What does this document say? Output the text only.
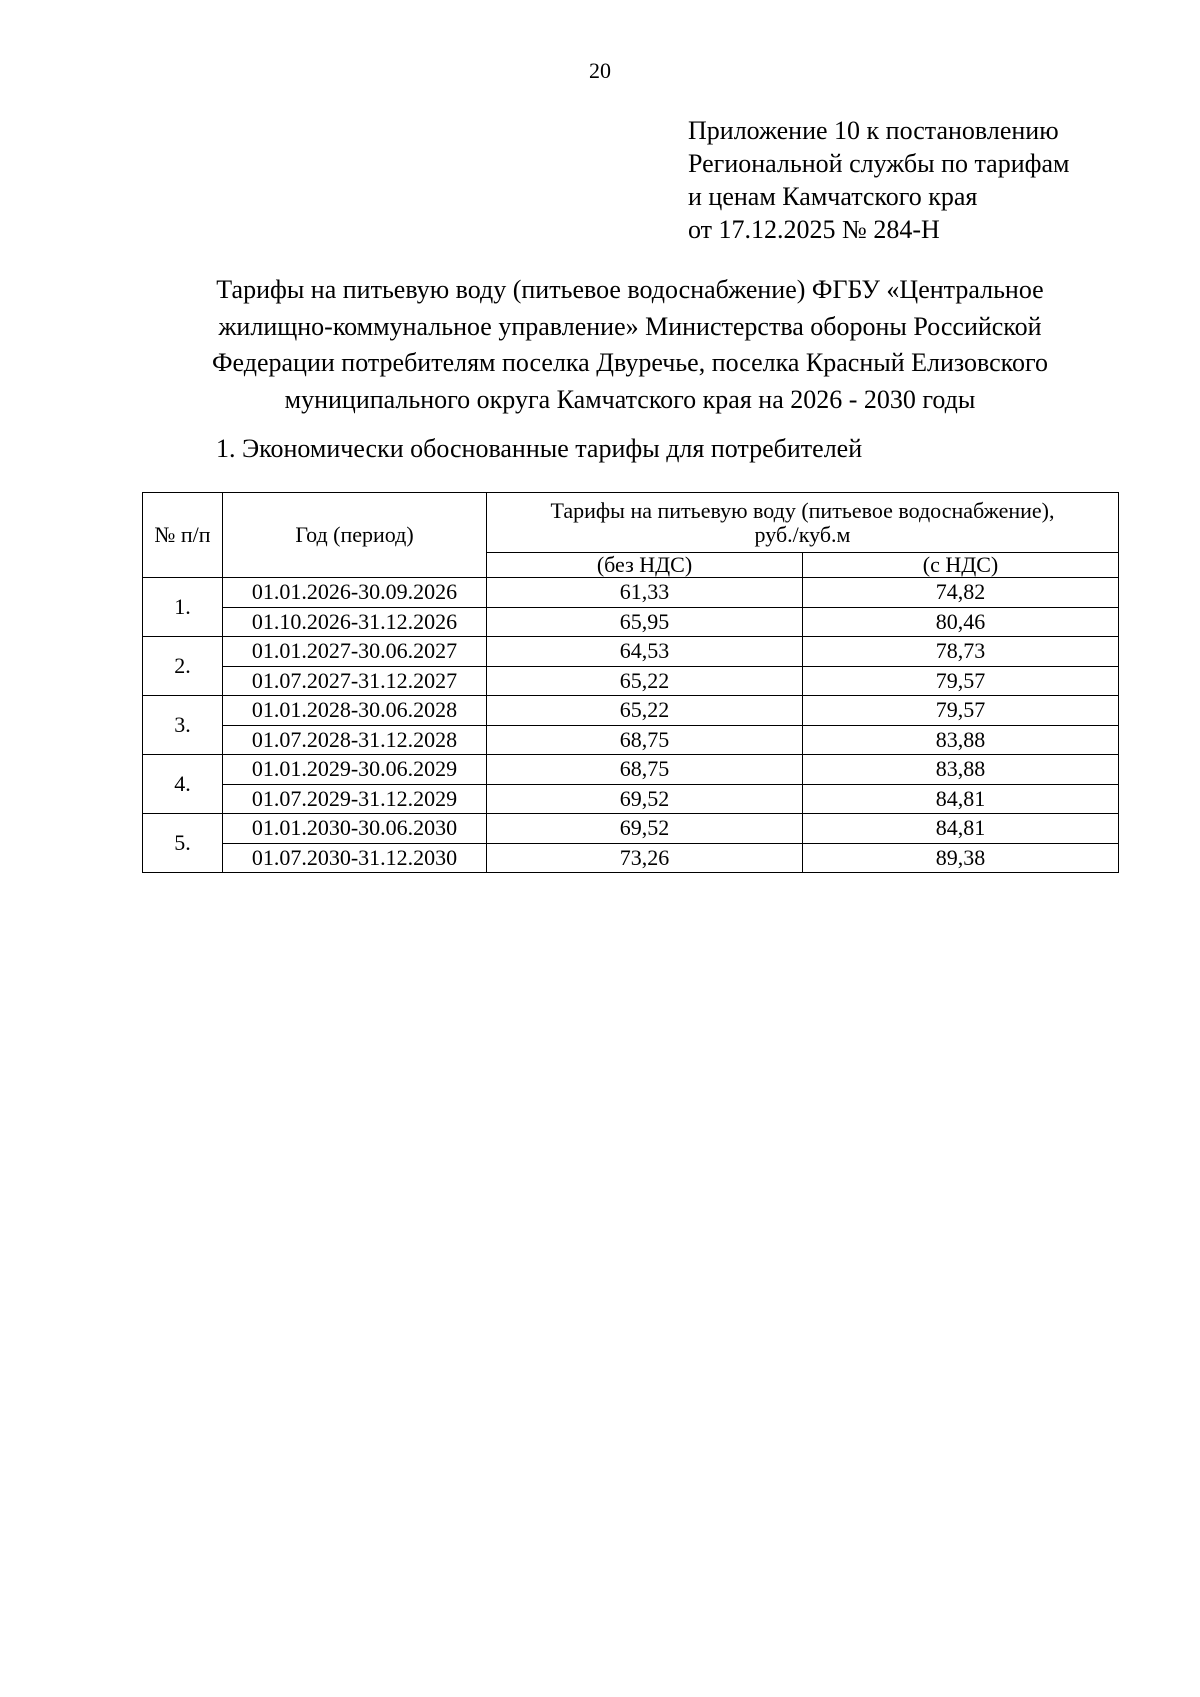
20
Приложение 10 к постановлению
Региональной службы по тарифам
и ценам Камчатского края
от 17.12.2025 № 284-Н
Тарифы на питьевую воду (питьевое водоснабжение) ФГБУ «Центральное
жилищно-коммунальное управление» Министерства обороны Российской
Федерации потребителям поселка Двуречье, поселка Красный Елизовского
муниципального округа Камчатского края на 2026 - 2030 годы
1. Экономически обоснованные тарифы для потребителей
№ п/п	Год (период)	Тарифы на питьевую воду (питьевое водоснабжение),
руб./куб.м	

		(без НДС)	(с НДС)
1.	01.01.2026-30.09.2026	61,33	74,82
	01.10.2026-31.12.2026	65,95	80,46
2.	01.01.2027-30.06.2027	64,53	78,73
	01.07.2027-31.12.2027	65,22	79,57
3.	01.01.2028-30.06.2028	65,22	79,57
	01.07.2028-31.12.2028	68,75	83,88
4.	01.01.2029-30.06.2029	68,75	83,88
	01.07.2029-31.12.2029	69,52	84,81
5.	01.01.2030-30.06.2030	69,52	84,81
	01.07.2030-31.12.2030	73,26	89,38
